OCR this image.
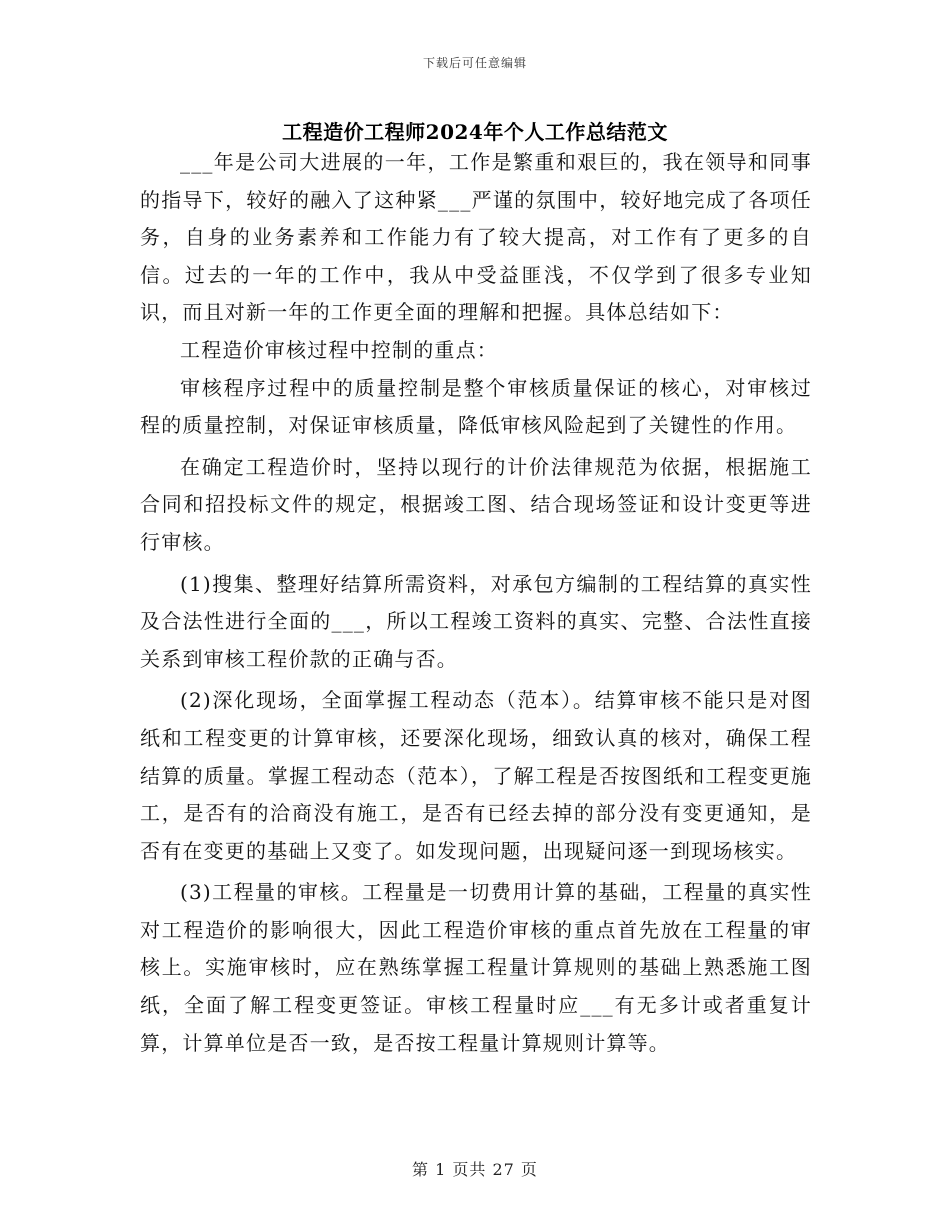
下载后可任意编辑
工程造价工程师2024年个人工作总结范文

___年是公司大进展的一年，工作是繁重和艰巨的，我在领导和同事的指导下，较好的融入了这种紧___严谨的氛围中，较好地完成了各项任务，自身的业务素养和工作能力有了较大提高，对工作有了更多的自信。过去的一年的工作中，我从中受益匪浅，不仅学到了很多专业知识，而且对新一年的工作更全面的理解和把握。具体总结如下：

工程造价审核过程中控制的重点：

审核程序过程中的质量控制是整个审核质量保证的核心，对审核过程的质量控制，对保证审核质量，降低审核风险起到了关键性的作用。

在确定工程造价时，坚持以现行的计价法律规范为依据，根据施工合同和招投标文件的规定，根据竣工图、结合现场签证和设计变更等进行审核。

(1)搜集、整理好结算所需资料，对承包方编制的工程结算的真实性及合法性进行全面的___，所以工程竣工资料的真实、完整、合法性直接关系到审核工程价款的正确与否。

(2)深化现场，全面掌握工程动态（范本）。结算审核不能只是对图纸和工程变更的计算审核，还要深化现场，细致认真的核对，确保工程结算的质量。掌握工程动态（范本），了解工程是否按图纸和工程变更施工，是否有的洽商没有施工，是否有已经去掉的部分没有变更通知，是否有在变更的基础上又变了。如发现问题，出现疑问逐一到现场核实。

(3)工程量的审核。工程量是一切费用计算的基础，工程量的真实性对工程造价的影响很大，因此工程造价审核的重点首先放在工程量的审核上。实施审核时，应在熟练掌握工程量计算规则的基础上熟悉施工图纸，全面了解工程变更签证。审核工程量时应___有无多计或者重复计算，计算单位是否一致，是否按工程量计算规则计算等。

第 1 页共 27 页
